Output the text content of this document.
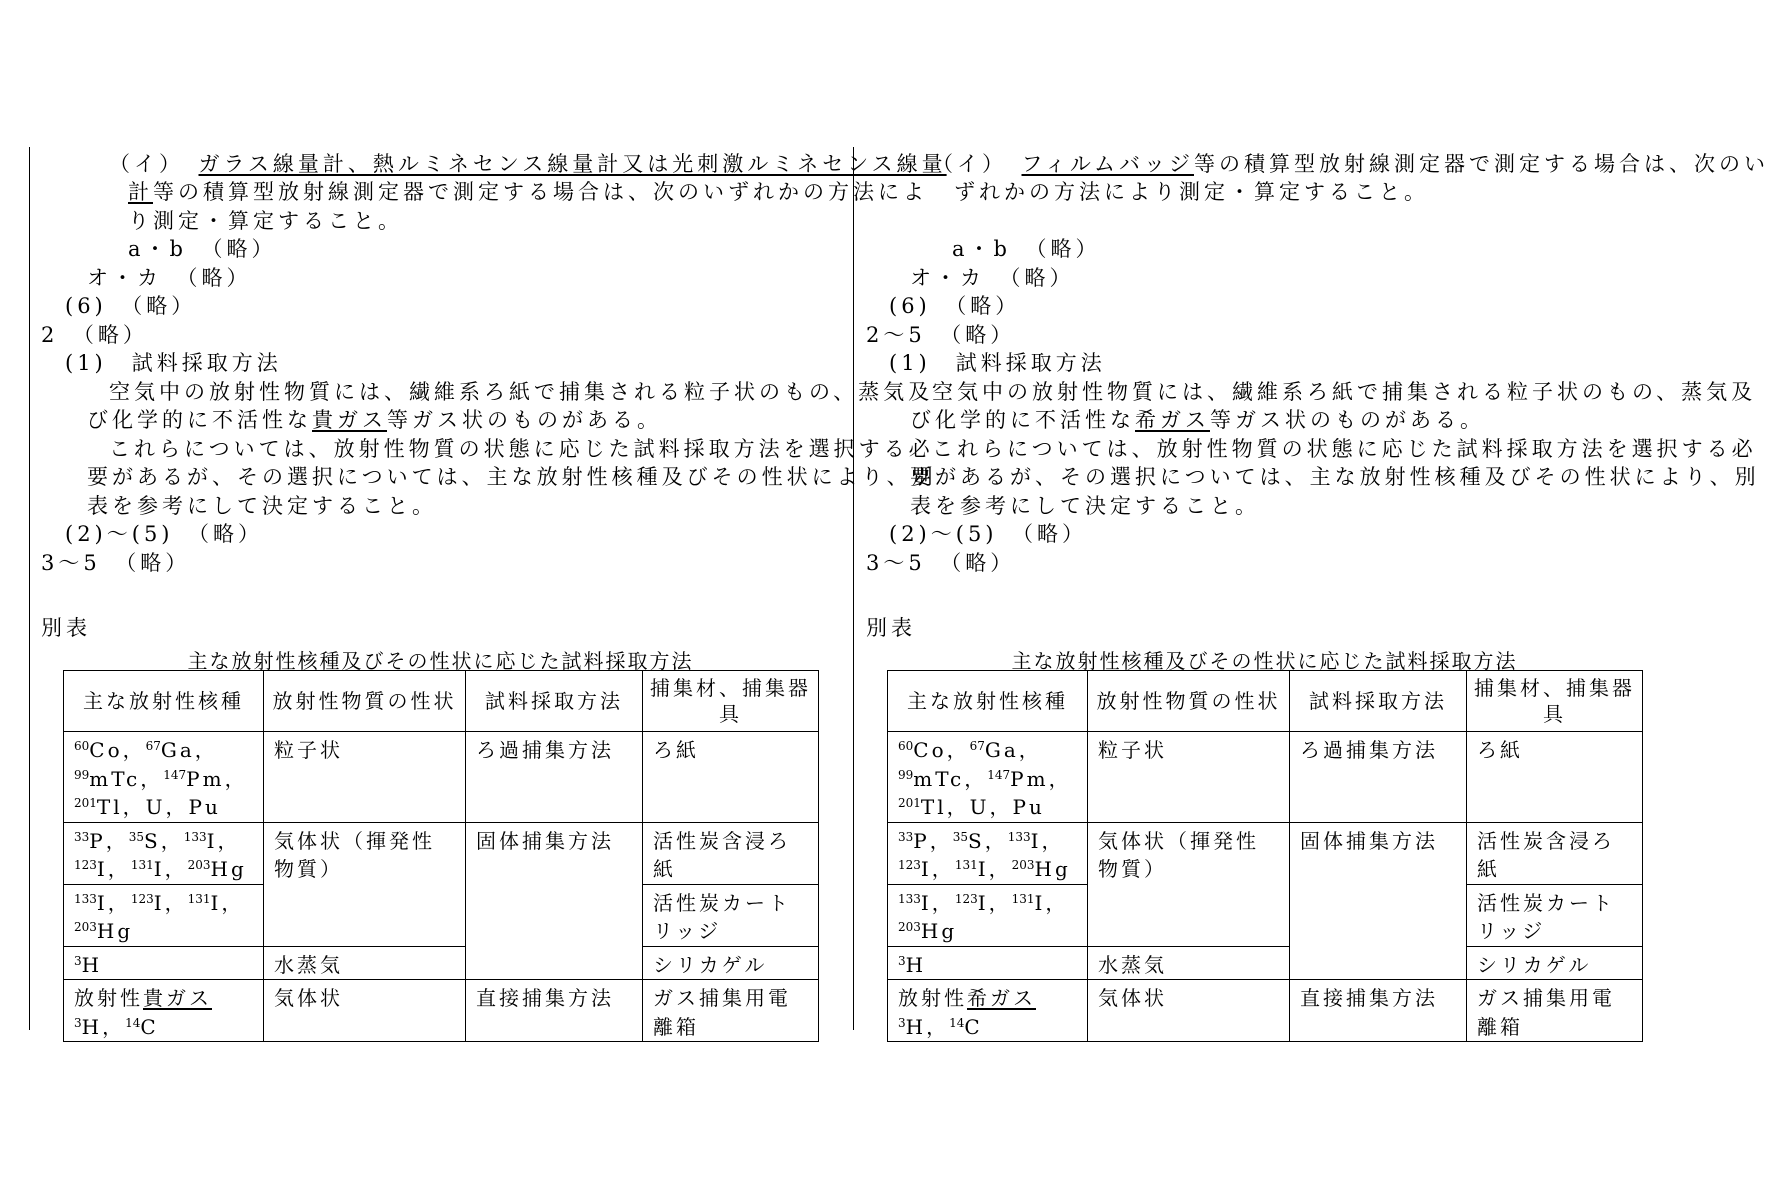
（イ）　ガラス線量計、熱ルミネセンス線量計又は光刺激ルミネセンス線量
計等の積算型放射線測定器で測定する場合は、次のいずれかの方法によ
り測定・算定すること。
a・b　（略）
オ・カ　（略）
(6)　（略）
2　（略）
(1)　試料採取方法
空気中の放射性物質には、繊維系ろ紙で捕集される粒子状のもの、蒸気及
び化学的に不活性な貴ガス等ガス状のものがある。
これらについては、放射性物質の状態に応じた試料採取方法を選択する必
要があるが、その選択については、主な放射性核種及びその性状により、別
表を参考にして決定すること。
(2)～(5)　（略）
3～5　（略）
別表
主な放射性核種及びその性状に応じた試料採取方法
主な放射性核種	放射性物質の性状	試料採取方法	捕集材、捕集器具
$^{60}$Co，$^{67}$Ga，
$^{99}$mTc，$^{147}$Pm，
$^{201}$Tl，U，Pu	粒子状	ろ過捕集方法	ろ紙
$^{33}$P，$^{35}$S，$^{133}$I，
$^{123}$I，$^{131}$I，$^{203}$Hg	気体状（揮発性物質）	固体捕集方法	活性炭含浸ろ紙
$^{133}$I，$^{123}$I，$^{131}$I，
$^{203}$Hg			活性炭カートリッジ
$^3$H	水蒸気		シリカゲル
放射性貴ガス
$^3$H，$^{14}$C	気体状	直接捕集方法	ガス捕集用電離箱
（イ）　フィルムバッジ等の積算型放射線測定器で測定する場合は、次のい
ずれかの方法により測定・算定すること。
a・b　（略）
オ・カ　（略）
(6)　（略）
2～5　（略）
(1)　試料採取方法
空気中の放射性物質には、繊維系ろ紙で捕集される粒子状のもの、蒸気及
び化学的に不活性な希ガス等ガス状のものがある。
これらについては、放射性物質の状態に応じた試料採取方法を選択する必
要があるが、その選択については、主な放射性核種及びその性状により、別
表を参考にして決定すること。
(2)～(5)　（略）
3～5　（略）
別表
主な放射性核種及びその性状に応じた試料採取方法
主な放射性核種	放射性物質の性状	試料採取方法	捕集材、捕集器具
$^{60}$Co，$^{67}$Ga，
$^{99}$mTc，$^{147}$Pm，
$^{201}$Tl，U，Pu	粒子状	ろ過捕集方法	ろ紙
$^{33}$P，$^{35}$S，$^{133}$I，
$^{123}$I，$^{131}$I，$^{203}$Hg	気体状（揮発性物質）	固体捕集方法	活性炭含浸ろ紙
$^{133}$I，$^{123}$I，$^{131}$I，
$^{203}$Hg			活性炭カートリッジ
$^3$H	水蒸気		シリカゲル
放射性希ガス
$^3$H，$^{14}$C	気体状	直接捕集方法	ガス捕集用電離箱
